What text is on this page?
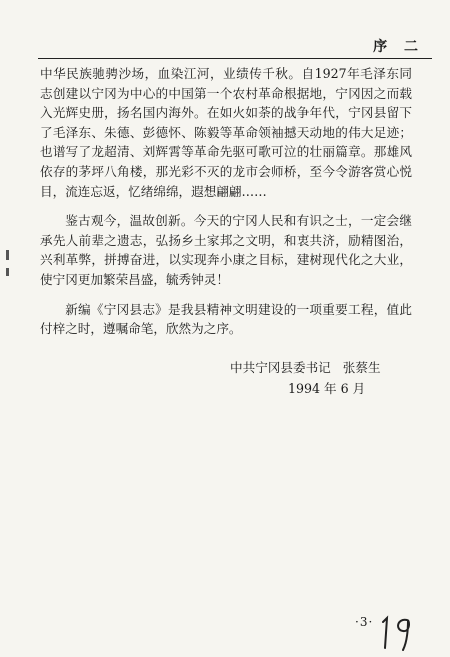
序 二

中华民族驰骋沙场，血染江河，业绩传千秋。自1927年毛泽东同志创建以宁冈为中心的中国第一个农村革命根据地，宁冈因之而载入光辉史册，扬名国内海外。在如火如荼的战争年代，宁冈县留下了毛泽东、朱德、彭德怀、陈毅等革命领袖撼天动地的伟大足迹；也谱写了龙超清、刘辉霄等革命先驱可歌可泣的壮丽篇章。那雄风依存的茅坪八角楼，那光彩不灭的龙市会师桥，至今令游客赏心悦目，流连忘返，忆绪绵绵，遐想翩翩……

鉴古观今，温故创新。今天的宁冈人民和有识之士，一定会继承先人前辈之遗志，弘扬乡土家邦之文明，和衷共济，励精图治，兴利革弊，拼搏奋进，以实现奔小康之目标，建树现代化之大业，使宁冈更加繁荣昌盛，毓秀钟灵！

新编《宁冈县志》是我县精神文明建设的一项重要工程，值此付梓之时，遵嘱命笔，欣然为之序。

中共宁冈县委书记 张蔡生
1994 年 6 月
·3·
